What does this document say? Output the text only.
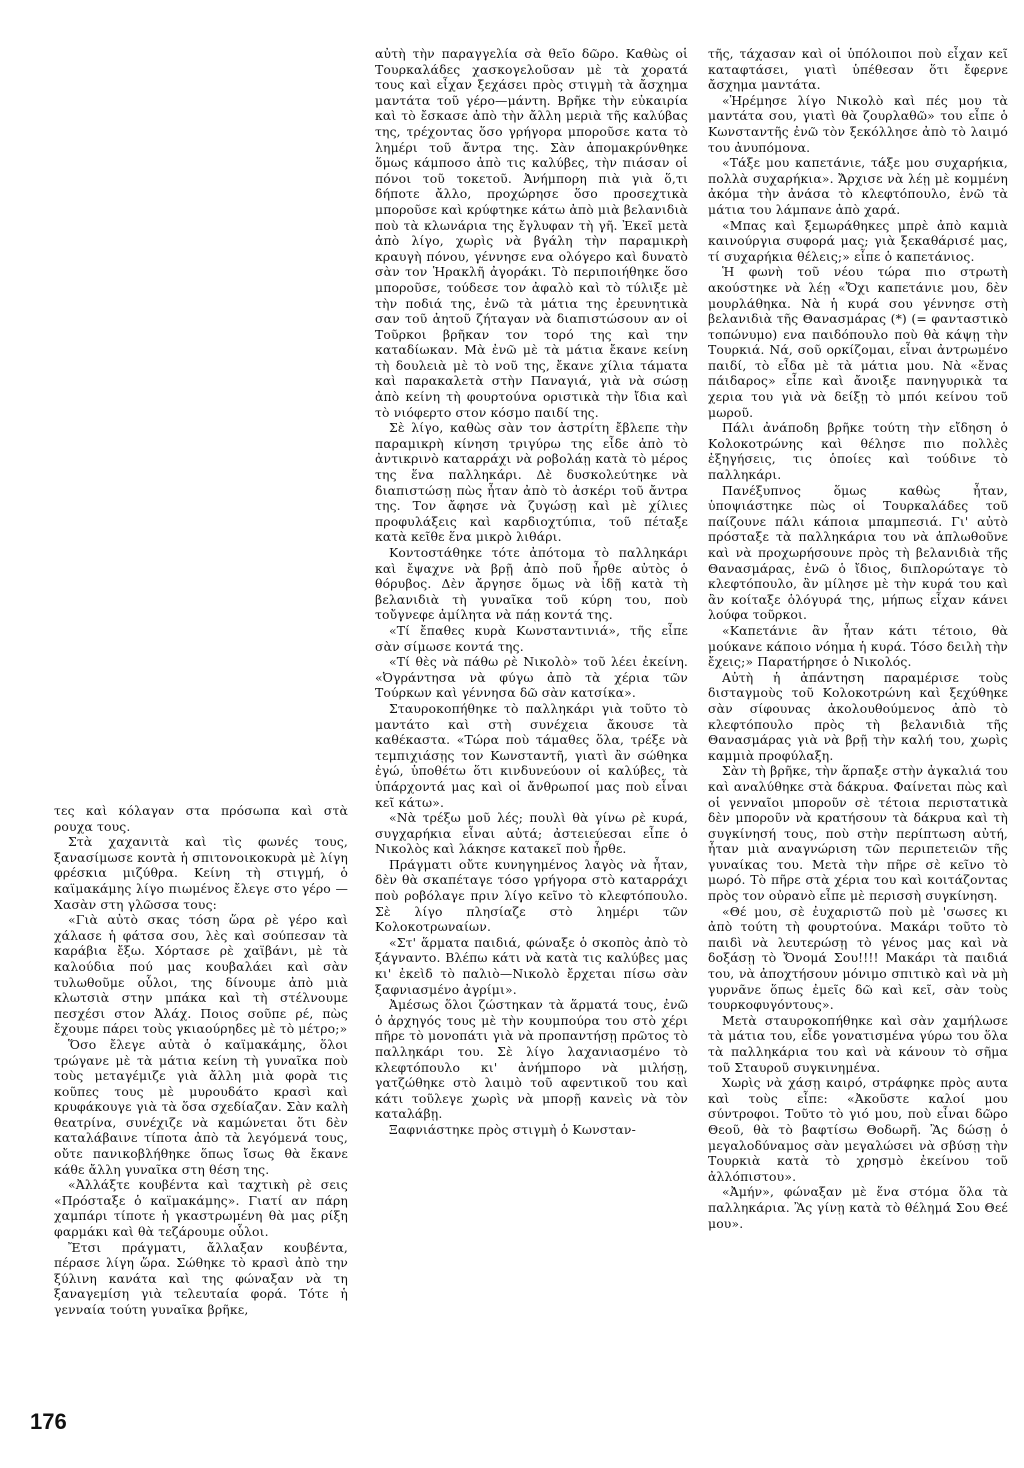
τες καὶ κόλαγαν στα πρόσωπα καὶ στὰ ρουχα τους.

Στὰ χαχανιτὰ καὶ τὶς φωνές τους, ξανασίμωσε κοντὰ ἡ σπιτονοικοκυρὰ μὲ λίγη φρέσκια μιζύθρα. Κείνη τὴ στιγμή, ὁ καϊμακάμης λίγο πιωμένος ἔλεγε στο γέρο —Χασὰν στη γλῶσσα τους:

«Γιὰ αὐτὸ σκας τόση ὥρα ρὲ γέρο καὶ χάλασε ἡ φάτσα σου, λὲς καὶ σούπεσαν τὰ καράβια ἔξω. Χόρτασε ρὲ χαϊβάνι, μὲ τὰ καλούδια πού μας κουβαλάει καὶ σὰν τυλωθοῦμε οὗλοι, της δίνουμε ἀπὸ μιὰ κλωτσιὰ στην μπάκα καὶ τὴ στέλνουμε πεσχέσι στον Ἀλάχ. Ποιος σοῦπε ρέ, πὼς ἔχουμε πάρει τοὺς γκιαούρηδες μὲ τὸ μέτρο;»

Ὅσο ἔλεγε αὐτὰ ὁ καϊμακάμης, ὅλοι τρώγανε μὲ τὰ μάτια κείνη τὴ γυναῖκα ποὺ τοὺς μεταγέμιζε γιὰ ἄλλη μιὰ φορὰ τις κοῦπες τους μὲ μυρουδάτο κρασὶ καὶ κρυφάκουγε γιὰ τὰ ὅσα σχεδίαζαν. Σὰν καλὴ θεατρίνα, συνέχιζε νὰ καμώνεται ὅτι δὲν καταλάβαινε τίποτα ἀπὸ τὰ λεγόμενά τους, οὔτε πανικοβλήθηκε ὅπως ἴσως θὰ ἔκανε κάθε ἄλλη γυναῖκα στη θέση της.

«Ἀλλάξτε κουβέντα καὶ ταχτικὴ ρὲ σεις «Πρόσταξε ὁ καϊμακάμης». Γιατί αν πάρη χαμπάρι τίποτε ἡ γκαστρωμένη θὰ μας ρίξη φαρμάκι καὶ θὰ τεζάρουμε οὗλοι.

Ἔτσι πράγματι, ἄλλαξαν κουβέντα, πέρασε λίγη ὥρα. Σώθηκε τὸ κρασὶ ἀπὸ την ξύλινη κανάτα καὶ της φώναξαν νὰ τη ξαναγεμίση γιὰ τελευταία φορά. Τότε ἡ γενναία τούτη γυναῖκα βρῆκε,

αὐτὴ τὴν παραγγελία σὰ θεῖο δῶρο. Καθὼς οἱ Τουρκαλάδες χασκογελοῦσαν μὲ τὰ χορατά τους καὶ εἶχαν ξεχάσει πρὸς στιγμὴ τὰ ἄσχημα μαντάτα τοῦ γέρο—μάντη. Βρῆκε τὴν εὐκαιρία καὶ τὸ ἔσκασε ἀπὸ τὴν ἄλλη μεριὰ τῆς καλύβας της, τρέχοντας ὅσο γρήγορα μποροῦσε κατα τὸ λημέρι τοῦ ἄντρα της. Σὰν ἀπομακρύνθηκε ὅμως κάμποσο ἀπὸ τις καλύβες, τὴν πιάσαν οἱ πόνοι τοῦ τοκετοῦ. Ἀνήμπορη πιὰ γιὰ ὅ,τι δήποτε ἄλλο, προχώρησε ὅσο προσεχτικὰ μποροῦσε καὶ κρύφτηκε κάτω ἀπὸ μιὰ βελανιδιὰ ποὺ τὰ κλωνάρια της ἔγλυφαν τὴ γῆ. Ἐκεῖ μετὰ ἀπὸ λίγο, χωρὶς νὰ βγάλη τὴν παραμικρὴ κραυγὴ πόνου, γέννησε ενα ολόγερο καὶ δυνατὸ σὰν τον Ἡρακλῆ ἀγοράκι. Τὸ περιποιήθηκε ὅσο μποροῦσε, τούδεσε τον ἀφαλὸ καὶ τὸ τύλιξε μὲ τὴν ποδιά της, ἐνῶ τὰ μάτια της ἐρευνητικὰ σαν τοῦ ἀητοῦ ζήταγαν νὰ διαπιστώσουν αν οἱ Τοῦρκοι βρῆκαν τον τορό της καὶ την καταδίωκαν. Μὰ ἐνῶ μὲ τὰ μάτια ἔκανε κείνη τὴ δουλειὰ μὲ τὸ νοῦ της, ἔκανε χίλια τάματα καὶ παρακαλετὰ στὴν Παναγιά, γιὰ νὰ σώσῃ ἀπὸ κείνη τὴ φουρτούνα οριστικὰ τὴν ἴδια καὶ τὸ νιόφερτο στον κόσμο παιδί της.

Σὲ λίγο, καθὼς σὰν τον ἀστρίτη ἔβλεπε τὴν παραμικρὴ κίνηση τριγύρω της εἶδε ἀπὸ τὸ ἀντικρινὸ καταρράχι νὰ ροβολάῃ κατὰ τὸ μέρος της ἕνα παλληκάρι. Δὲ δυσκολεύτηκε νὰ διαπιστώσῃ πὼς ἦταν ἀπὸ τὸ ἀσκέρι τοῦ ἄντρα της. Τον ἄφησε νὰ ζυγώσῃ καὶ μὲ χίλιες προφυλάξεις καὶ καρδιοχτύπια, τοῦ πέταξε κατὰ κεῖθε ἕνα μικρὸ λιθάρι.

Κοντοστάθηκε τότε ἀπότομα τὸ παλληκάρι καὶ ἔψαχνε νὰ βρῇ ἀπὸ ποῦ ἦρθε αὐτὸς ὁ θόρυβος. Δὲν ἄργησε ὅμως νὰ ἰδῇ κατὰ τὴ βελανιδιὰ τὴ γυναῖκα τοῦ κύρη του, ποὺ τοὔγνεφε ἀμίλητα νὰ πάῃ κοντά της.

«Τί ἔπαθες κυρὰ Κωνσταντινιά», τῆς εἶπε σὰν σίμωσε κοντά της.

«Τί θὲς νὰ πάθω ρὲ Νικολὸ» τοῦ λέει ἐκείνη. «Ὀγράντησα νὰ φύγω ἀπὸ τὰ χέρια τῶν Τούρκων καὶ γέννησα δῶ σὰν κατσίκα».

Σταυροκοπήθηκε τὸ παλληκάρι γιὰ τοῦτο τὸ μαντάτο καὶ στὴ συνέχεια ἄκουσε τὰ καθέκαστα. «Τώρα ποὺ τάμαθες ὅλα, τρέξε νὰ τεμπιχιάσῃς τον Κωνσταντῆ, γιατὶ ἂν σώθηκα ἐγώ, ὑποθέτω ὅτι κινδυνεύουν οἱ καλύβες, τὰ ὑπάρχοντά μας καὶ οἱ ἄνθρωποί μας ποὺ εἶναι κεῖ κάτω».

«Νὰ τρέξω μοῦ λές; πουλὶ θὰ γίνω ρὲ κυρά, συγχαρήκια εἶναι αὐτά; ἀστειεύεσαι εἶπε ὁ Νικολὸς καὶ λάκησε κατακεῖ ποὺ ἦρθε.

Πράγματι οὔτε κυνηγημένος λαγὸς νὰ ἦταν, δὲν θὰ σκαπέταγε τόσο γρήγορα στὸ καταρράχι ποὺ ροβόλαγε πριν λίγο κεῖνο τὸ κλεφτόπουλο. Σὲ λίγο πλησίαζε στὸ λημέρι τῶν Κολοκοτρωναίων.

«Στ' ἅρματα παιδιά, φώναξε ὁ σκοπὸς ἀπὸ τὸ ξάγναντο. Βλέπω κάτι νὰ κατὰ τις καλύβες μας κι' ἐκεὶδ τὸ παλιὸ—Νικολὸ ἔρχεται πίσω σὰν ξαφνιασμένο ἀγρίμι».

Ἀμέσως ὅλοι ζώστηκαν τὰ ἅρματά τους, ἐνῶ ὁ ἀρχηγός τους μὲ τὴν κουμπούρα του στὸ χέρι πῆρε τὸ μονοπάτι γιὰ νὰ προπαντήσῃ πρῶτος τὸ παλληκάρι του. Σὲ λίγο λαχανιασμένο τὸ κλεφτόπουλο κι' ἀνήμπορο νὰ μιλήσῃ, γατζώθηκε στὸ λαιμὸ τοῦ αφεντικοῦ του καὶ κάτι τοῦλεγε χωρὶς νὰ μπορῇ κανεὶς νὰ τὸν καταλάβῃ.

Ξαφνιάστηκε πρὸς στιγμὴ ὁ Κωνσταν-

τῆς, τάχασαν καὶ οἱ ὑπόλοιποι ποὺ εἶχαν κεῖ καταφτάσει, γιατὶ ὑπέθεσαν ὅτι ἔφερνε ἄσχημα μαντάτα.

«Ἡρέμησε λίγο Νικολὸ καὶ πές μου τὰ μαντάτα σου, γιατὶ θὰ ζουρλαθῶ» του εἶπε ὁ Κωνσταντῆς ἐνῶ τὸν ξεκόλλησε ἀπὸ τὸ λαιμό του ἀνυπόμονα.

«Τάξε μου καπετάνιε, τάξε μου συχαρήκια, πολλὰ συχαρήκια». Ἄρχισε νὰ λέῃ μὲ κομμένη ἀκόμα τὴν ἀνάσα τὸ κλεφτόπουλο, ἐνῶ τὰ μάτια του λάμπανε ἀπὸ χαρά.

«Μπας καὶ ξεμωράθηκες μπρὲ ἀπὸ καμιὰ καινούργια συφορά μας; γιὰ ξεκαθάρισέ μας, τί συχαρήκια θέλεις;» εἶπε ὁ καπετάνιος.

Ἡ φωνὴ τοῦ νέου τώρα πιο στρωτὴ ακούστηκε νὰ λέῃ «Ὄχι καπετάνιε μου, δὲν μουρλάθηκα. Νὰ ἡ κυρά σου γέννησε στὴ βελανιδιὰ τῆς Θανασμάρας (*) (= φανταστικὸ τοπώνυμο) ενα παιδόπουλο ποὺ θὰ κάψῃ τὴν Τουρκιά. Νά, σοῦ ορκίζομαι, εἶναι ἀντρωμένο παιδί, τὸ εἶδα μὲ τὰ μάτια μου. Νὰ «ἕνας πάιδαρος» εἶπε καὶ ἄνοιξε πανηγυρικὰ τα χερια του γιὰ νὰ δείξῃ τὸ μπόι κείνου τοῦ μωροῦ.

Πάλι ἀνάποδη βρῆκε τούτη τὴν εἴδηση ὁ Κολοκοτρώνης καὶ θέλησε πιο πολλὲς ἐξηγήσεις, τις ὁποίες καὶ τούδινε τὸ παλληκάρι.

Πανέξυπνος ὅμως καθὼς ἦταν, ὑποψιάστηκε πὼς οἱ Τουρκαλάδες τοῦ παίζουνε πάλι κάποια μπαμπεσιά. Γι' αὐτὸ πρόσταξε τὰ παλληκάρια του νὰ ἁπλωθοῦνε καὶ νὰ προχωρήσουνε πρὸς τὴ βελανιδιὰ τῆς Θανασμάρας, ἐνῶ ὁ ἴδιος, διπλορώταγε τὸ κλεφτόπουλο, ἂν μίλησε μὲ τὴν κυρά του καὶ ἂν κοίταξε ὁλόγυρά της, μήπως εἶχαν κάνει λούφα τοῦρκοι.

«Καπετάνιε ἂν ἦταν κάτι τέτοιο, θὰ μούκανε κάποιο νόημα ἡ κυρά. Τόσο δειλὴ τὴν ἔχεις;» Παρατήρησε ὁ Νικολός.

Αὐτὴ ἡ ἀπάντηση παραμέρισε τοὺς δισταγμοὺς τοῦ Κολοκοτρώνη καὶ ξεχύθηκε σὰν σίφουνας ἀκολουθούμενος ἀπὸ τὸ κλεφτόπουλο πρὸς τὴ βελανιδιὰ τῆς Θανασμάρας γιὰ νὰ βρῇ τὴν καλή του, χωρὶς καμμιὰ προφύλαξη.

Σὰν τὴ βρῆκε, τὴν ἅρπαξε στὴν ἀγκαλιά του καὶ αναλύθηκε στὰ δάκρυα. Φαίνεται πὼς καὶ οἱ γενναῖοι μποροῦν σὲ τέτοια περιστατικὰ δὲν μποροῦν νὰ κρατήσουν τὰ δάκρυα καὶ τὴ συγκίνησή τους, ποὺ στὴν περίπτωση αὐτή, ἦταν μιὰ αναγνώριση τῶν περιπετειῶν τῆς γυναίκας του. Μετὰ τὴν πῆρε σὲ κεῖνο τὸ μωρό. Τὸ πῆρε στὰ χέρια του καὶ κοιτάζοντας πρὸς τον οὐρανὸ εἶπε μὲ περισσὴ συγκίνηση.

«Θέ μου, σὲ ἐυχαριστῶ ποὺ μὲ 'σωσες κι ἀπὸ τούτη τὴ φουρτούνα. Μακάρι τοῦτο τὸ παιδὶ νὰ λευτερώσῃ τὸ γένος μας καὶ νὰ δοξάσῃ τὸ Ὄνομά Σου!!!! Μακάρι τὰ παιδιά του, νὰ ἀποχτήσουν μόνιμο σπιτικὸ καὶ νὰ μὴ γυρνᾶνε ὅπως ἐμεῖς δῶ καὶ κεῖ, σὰν τοὺς τουρκοφυγόντους».

Μετὰ σταυροκοπήθηκε καὶ σὰν χαμήλωσε τὰ μάτια του, εἶδε γονατισμένα γύρω του ὅλα τὰ παλληκάρια του καὶ νὰ κάνουν τὸ σῆμα τοῦ Σταυροῦ συγκινημένα.

Χωρὶς νὰ χάσῃ καιρό, στράφηκε πρὸς αυτα καὶ τοὺς εἶπε: «Ἀκοῦστε καλοί μου σύντροφοι. Τοῦτο τὸ γιό μου, ποὺ εἶναι δῶρο Θεοῦ, θὰ τὸ βαφτίσω Θοδωρῆ. Ἂς δώσῃ ὁ μεγαλοδύναμος σὰν μεγαλώσει νὰ σβύσῃ τὴν Τουρκιὰ κατὰ τὸ χρησμὸ ἐκείνου τοῦ ἀλλόπιστου».

«Ἀμήν», φώναξαν μὲ ἕνα στόμα ὅλα τὰ παλληκάρια. Ἂς γίνῃ κατὰ τὸ θέλημά Σου Θεέ μου».

176
